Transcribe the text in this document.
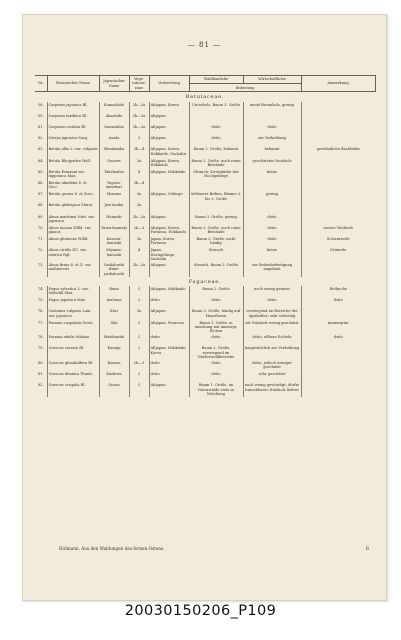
— 81 —
Nr.	Botanischer Name	Japanischer Name	Vege-tations-zone	Verbreitung	Waldbauliche	Wirtschaftliche	Anmerkung
					Bedeutung		
Betulaceae.							
58.	Carpinus japonica Bl.	Kumashide	2b—3a	Altjapan, Korea	Unterholz, Baum 3. Größe	meist Brennholz, gering	
59.	Carpinus laxiflora Bl.	Akashide	2b—3a	Altjapan			
61.	Carpinus cordata Bl.	Sawashiba	2b—3a	Altjapan	dstto	dstto	
62.	Ostrya japonica Sarg.	Asada	3	Altjapan	dstto	zur Verkohlung	
63.	Betula alba L. var. vulgaris	Shirakanba	3b—4	Altjapan, Korea, Hokkaido, Sachalin	Baum 2. Größe, bekannt	bekannt	gewöhnliche Buchbirke
64.	Betula Bhojpattra Wall.	Onoore	3a	Altjapan, Korea, Hokkaido	Baum 2. Größe, auch reine Bestände	geschätztes Nutzholz	
65.	Betula Ermanni var. nipponica Max.	Takekanba	4	Altjapan, Hokkaido	Strauch; Zwergbirke der Hochgebirge	keine	
66.	Betula ulmifolia S. et Zucc.	Yoguso-minebari	3b—4				
67.	Betula grossa S. et Zucc.	Mizume	3a	Altjapan, Gebirge	Seltenere Birken, Bäume 2. bis 3. Größe	gering	
68.	Betula globispica Shirai	Jizo-kanba	3a				
69.	Alnus maritima Nutt. var. japonica	Hannoki	2b—3a	Altjapan	Baum 3. Größe, gering	dstto	
70.	Alnus incana Willd. var. glauca	Yama-hannoki	2b—3	Altjapan, Korea, Formosa, Hokkaido	Baum 3. Größe, auch reine Bestände	dstto	unsere Weißerle
71.	Alnus glutinosa Willd.	Kawara-hannoki	3a	Japan, Korea, Formosa	Baum 3. Größe, nicht häufig	dstto	Schwarzerle
72.	Alnus viridis DC. var. sibirica Rgl.	Miyama-hannoki	4	Japan, Hochgebirge, Sachalin	Strauch	keine	Grünerle
73.	Alnus firma S. et Z. var. multinervis	Yashabushi Hime-yashabushi	2b—3a	Altjapan	Strauch, Baum 3. Größe	zur Bodenbefestigung angebaut	
Fagaceae.							
74.	Fagus sylvatica L. var. Sieboldi Max.	Buna	3	Altjapan, Hokkaido	Baum 2. Größe	noch wenig genutzt	Rotbuche
75.	Fagus japonica Max.	Inubuna	3	dstto	dstto	dstto	dstto
76.	Castanea vulgaris Lam. var. japonica	Kuri	3a	Altjapan	Baum 2. Größe, häufig auf Hausfluren	verwiegend im Bereiche der Agrikultur; sehr vielseitig	
77.	Pasania cuspidata Oerst.	Shii	3	Altjapan, Formosa	Baum 1. Größe, in mischung mit immergr. Eichen	als Nutzholz wenig geschätzt	immergrün
78.	Pasania edulis Makino	Matebashii	2	dstto	dstto	dstto, eßbare Eicheln	dstto
79.	Quercus serrata Bl.	Kunugi	2	Altjapan, Hokkaido, Korea	Baum 2. Größe, verwiegend im Niederwaldbetriebe	hauptsächlich zur Verkohlung	
80.	Quercus glandulifera Bl.	Konara	2b—3	dstto	dstto	dstto, jedoch weniger geschätzt	
81.	Quercus dentata Thunb.	Kashiwa	3	dstto	dstto	sehr geschätzt	
82.	Quercus crispula Bl.	Onara	3	Altjapan	Baum 1. Größe, im Naturwalde stets in Mischung	noch wenig gewürdigt; dürfte brauchbares Nutzholz liefern	
Hofmann, Aus den Waldungen des fernen Ostens.	6
20030150206_P109
